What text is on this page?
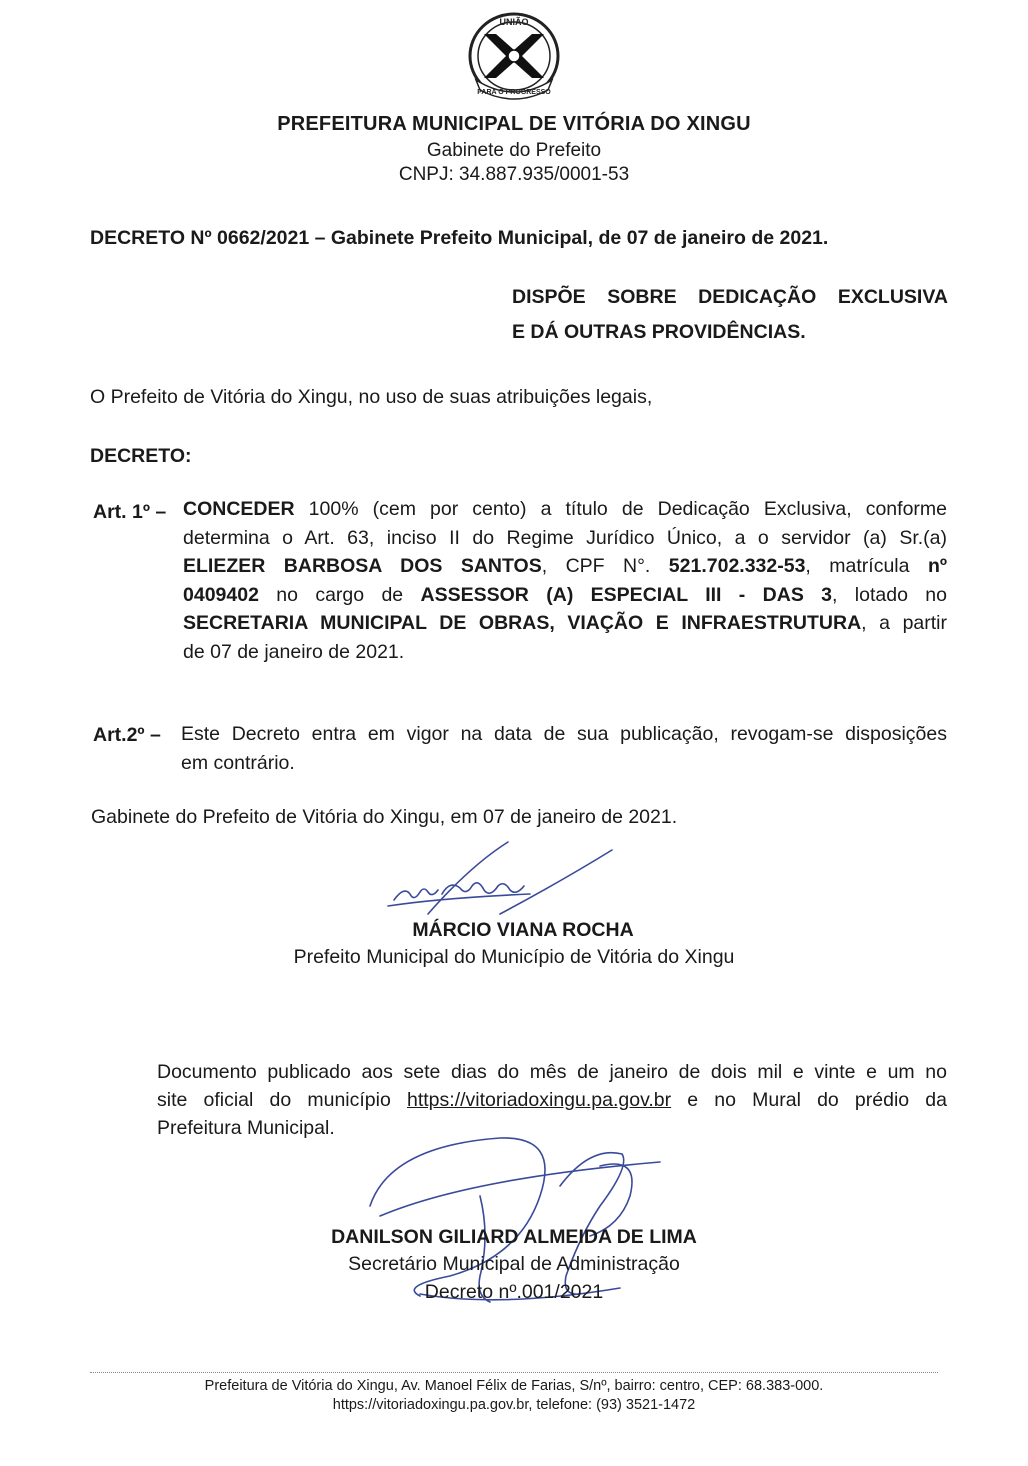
UNIÃO
PARA O PROGRESSO
PREFEITURA MUNICIPAL DE VITÓRIA DO XINGU
Gabinete do Prefeito
CNPJ: 34.887.935/0001-53
DECRETO Nº 0662/2021 – Gabinete Prefeito Municipal, de 07 de janeiro de 2021.
DISPÕE SOBRE DEDICAÇÃO EXCLUSIVA
E DÁ OUTRAS PROVIDÊNCIAS.
O Prefeito de Vitória do Xingu, no uso de suas atribuições legais,
DECRETO:
Art. 1º – CONCEDER 100% (cem por cento) a título de Dedicação Exclusiva, conforme
determina o Art. 63, inciso II do Regime Jurídico Único, a o servidor (a) Sr.(a)
ELIEZER BARBOSA DOS SANTOS, CPF N°. 521.702.332-53, matrícula nº
0409402 no cargo de ASSESSOR (A) ESPECIAL III - DAS 3, lotado no
SECRETARIA MUNICIPAL DE OBRAS, VIAÇÃO E INFRAESTRUTURA, a partir
de 07 de janeiro de 2021.
Art.2º – Este Decreto entra em vigor na data de sua publicação, revogam-se disposições
em contrário.
Gabinete do Prefeito de Vitória do Xingu, em 07 de janeiro de 2021.
MÁRCIO VIANA ROCHA
Prefeito Municipal do Município de Vitória do Xingu
Documento publicado aos sete dias do mês de janeiro de dois mil e vinte e um no
site oficial do município https://vitoriadoxingu.pa.gov.br e no Mural do prédio da
Prefeitura Municipal.
DANILSON GILIARD ALMEIDA DE LIMA
Secretário Municipal de Administração
Decreto nº.001/2021
Prefeitura de Vitória do Xingu, Av. Manoel Félix de Farias, S/nº, bairro: centro, CEP: 68.383-000.
https://vitoriadoxingu.pa.gov.br, telefone: (93) 3521-1472
